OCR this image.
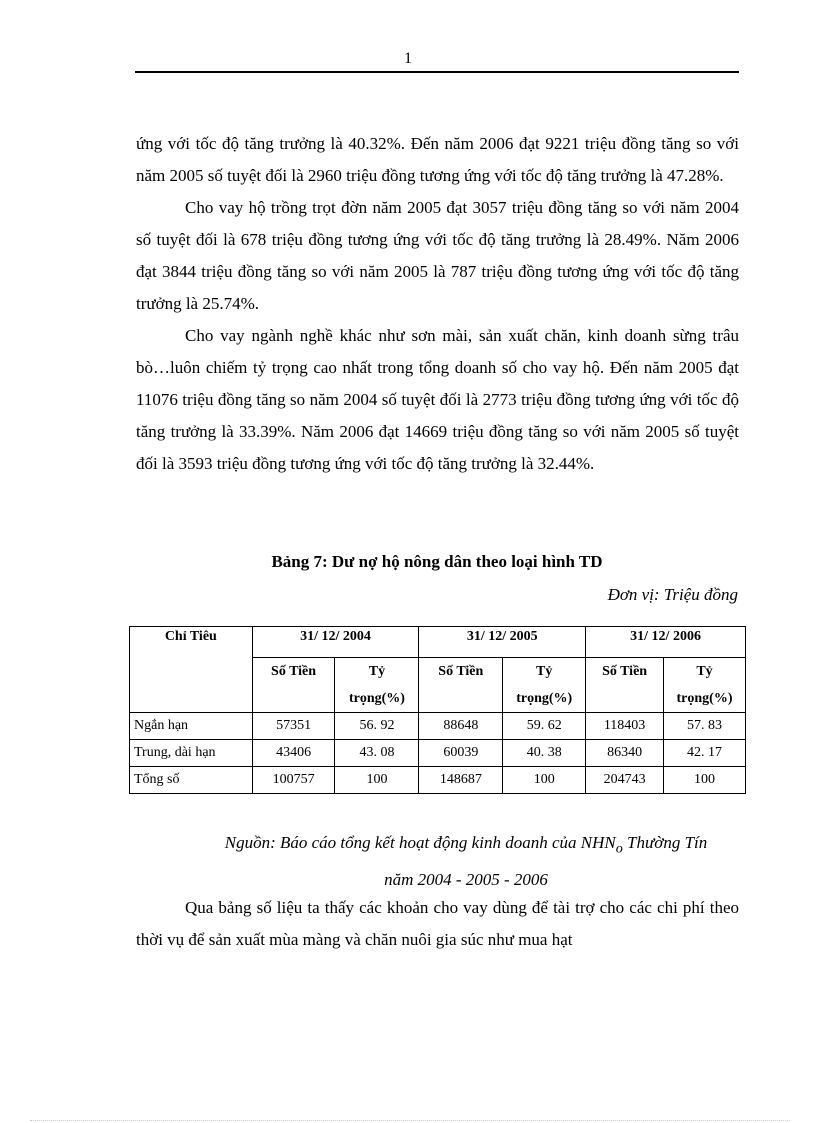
1

ứng với tốc độ tăng trưởng là 40.32%. Đến năm 2006 đạt 9221 triệu đồng tăng so với năm 2005 số tuyệt đối là 2960 triệu đồng tương ứng với tốc độ tăng trưởng là 47.28%.

Cho vay hộ trồng trọt đờn năm 2005 đạt 3057 triệu đồng tăng so với năm 2004 số tuyệt đối là 678 triệu đồng tương ứng với tốc độ tăng trưởng là 28.49%. Năm 2006 đạt 3844 triệu đồng tăng so với năm 2005 là 787 triệu đồng tương ứng với tốc độ tăng trưởng là 25.74%.

Cho vay ngành nghề khác như sơn mài, sản xuất chăn, kinh doanh sừng trâu bò…luôn chiếm tỷ trọng cao nhất trong tổng doanh số cho vay hộ. Đến năm 2005 đạt 11076 triệu đồng tăng so năm 2004 số tuyệt đối là 2773 triệu đồng tương ứng với tốc độ tăng trưởng là 33.39%. Năm 2006 đạt 14669 triệu đồng tăng so với năm 2005 số tuyệt đối là 3593 triệu đồng tương ứng với tốc độ tăng trưởng là 32.44%.

Bảng 7: Dư nợ hộ nông dân theo loại hình TD
Đơn vị: Triệu đồng
Chỉ Tiêu	31/ 12/ 2004		31/ 12/ 2005		31/ 12/ 2006	
	Số Tiền	Tỷ trọng(%)	Số Tiền	Tỷ trọng(%)	Số Tiền	Tỷ trọng(%)
Ngắn hạn	57351	56. 92	88648	59. 62	118403	57. 83
Trung, dài hạn	43406	43. 08	60039	40. 38	86340	42. 17
Tổng số	100757	100	148687	100	204743	100
Nguồn: Báo cáo tổng kết hoạt động kinh doanh của $NHN_o$ Thường Tín
năm 2004 - 2005 - 2006

Qua bảng số liệu ta thấy các khoản cho vay dùng để tài trợ cho các chi phí theo thời vụ để sản xuất mùa màng và chăn nuôi gia súc như mua hạt
